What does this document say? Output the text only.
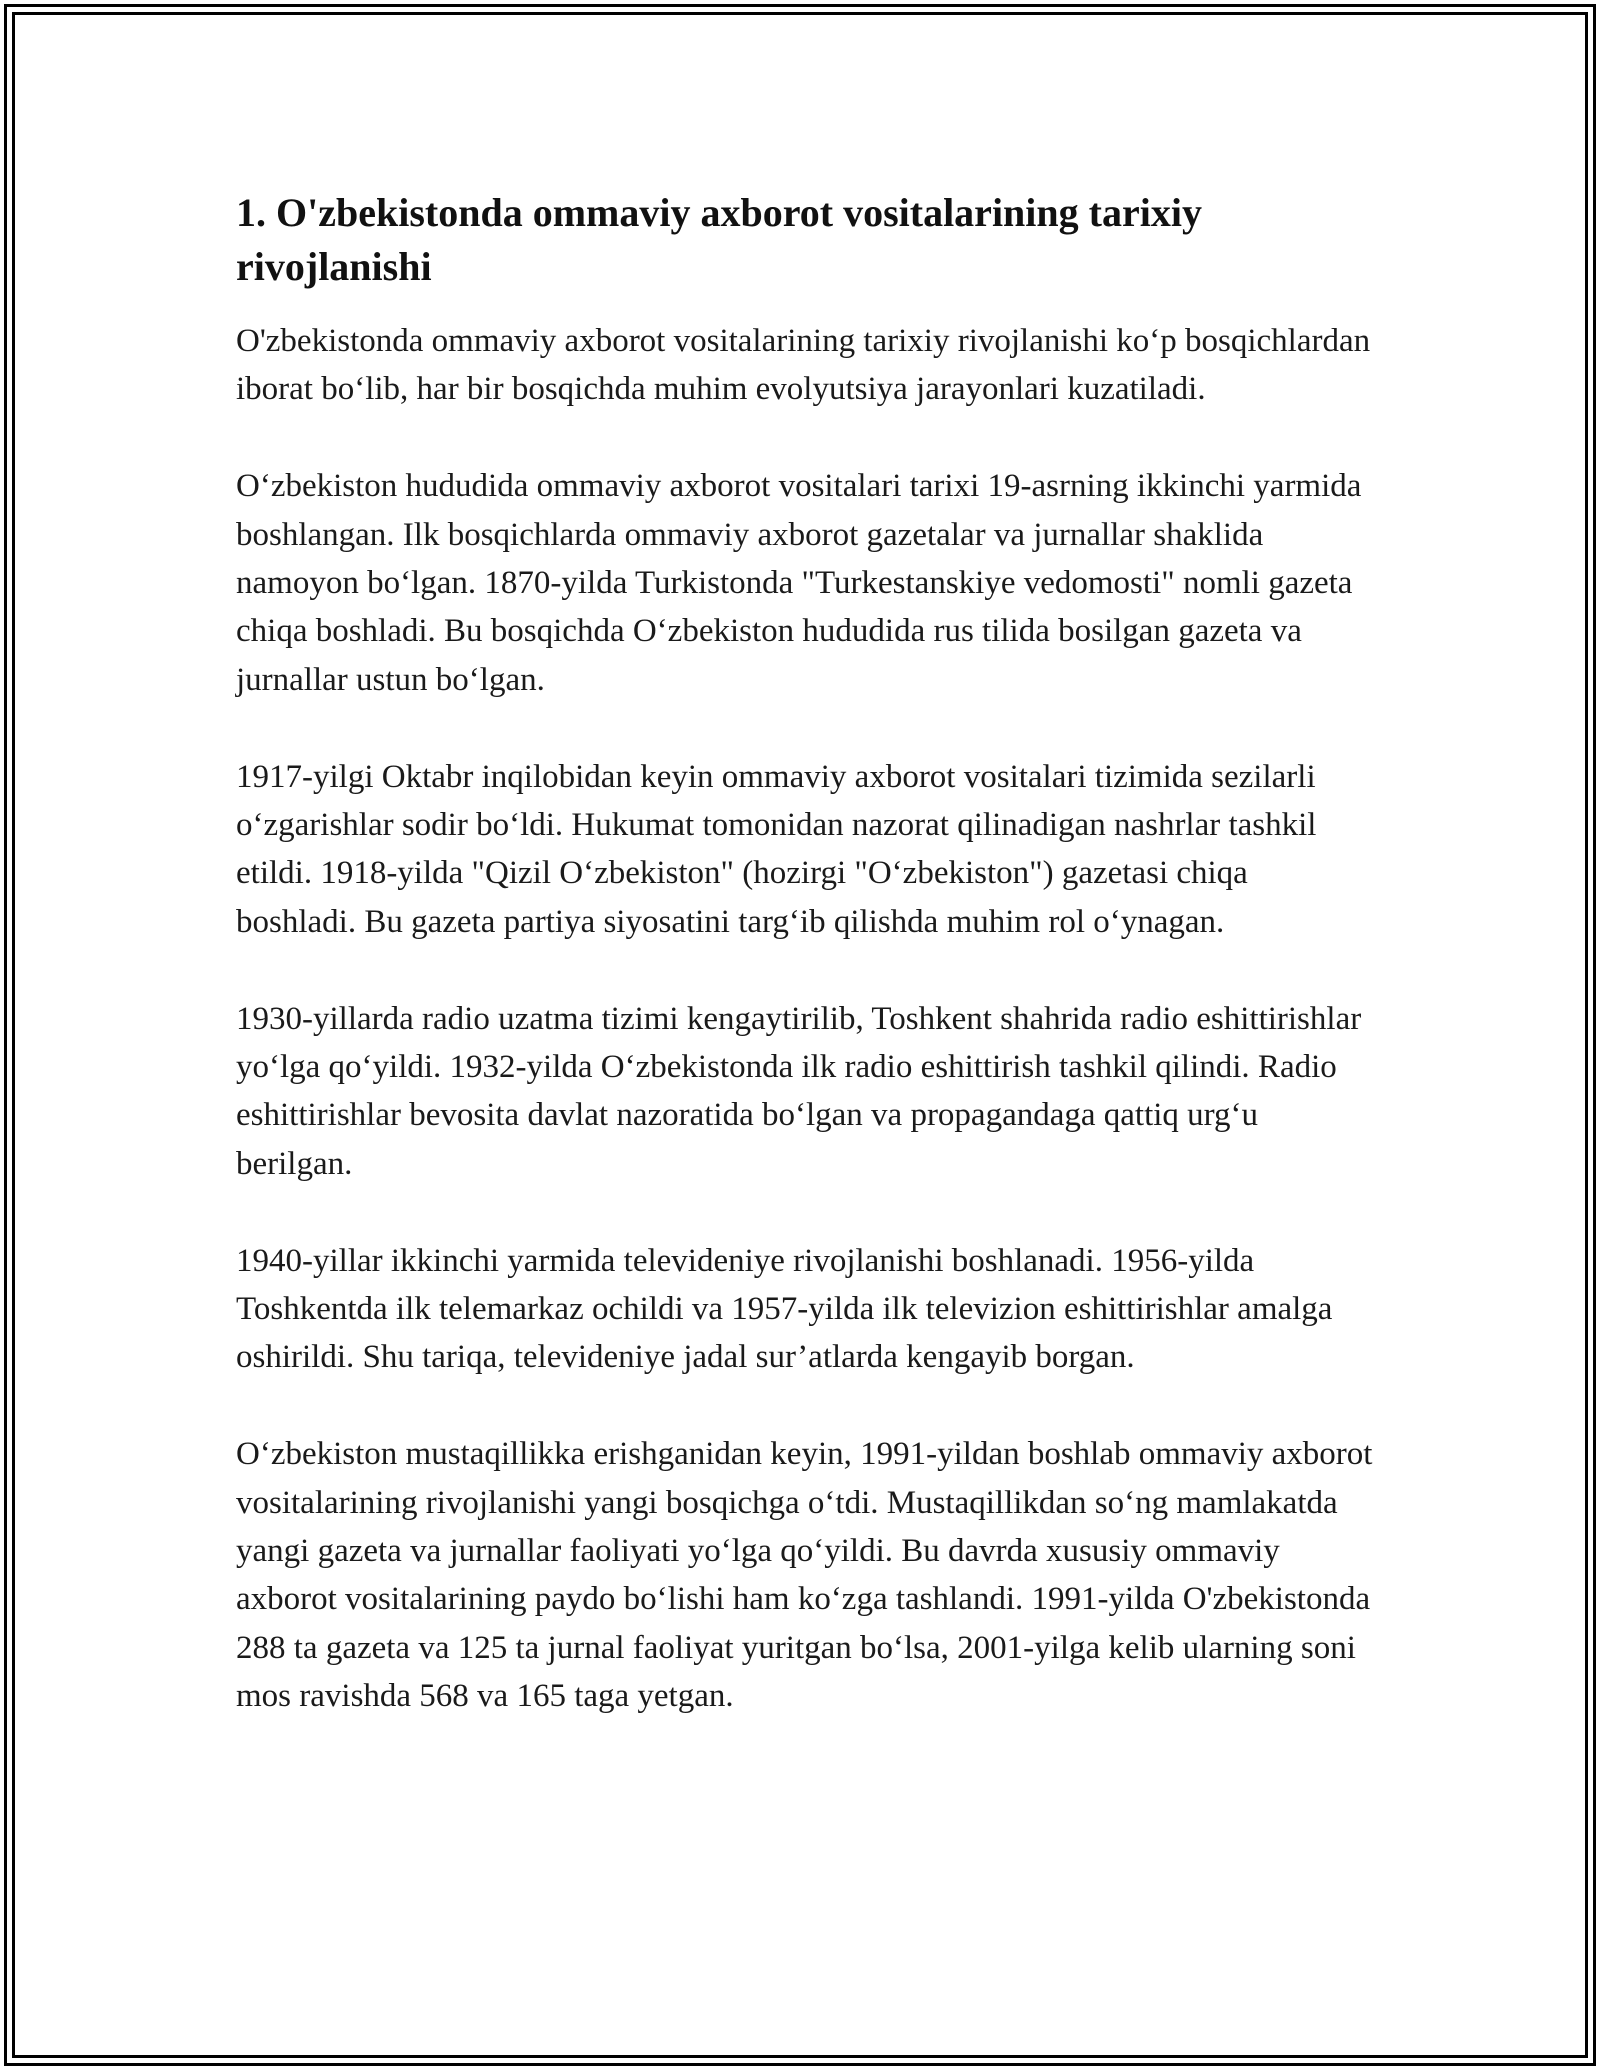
1. O'zbekistonda ommaviy axborot vositalarining tarixiy rivojlanishi

O'zbekistonda ommaviy axborot vositalarining tarixiy rivojlanishi ko‘p bosqichlardan iborat bo‘lib, har bir bosqichda muhim evolyutsiya jarayonlari kuzatiladi.

O‘zbekiston hududida ommaviy axborot vositalari tarixi 19-asrning ikkinchi yarmida boshlangan. Ilk bosqichlarda ommaviy axborot gazetalar va jurnallar shaklida namoyon bo‘lgan. 1870-yilda Turkistonda "Turkestanskiye vedomosti" nomli gazeta chiqa boshladi. Bu bosqichda O‘zbekiston hududida rus tilida bosilgan gazeta va jurnallar ustun bo‘lgan.

1917-yilgi Oktabr inqilobidan keyin ommaviy axborot vositalari tizimida sezilarli o‘zgarishlar sodir bo‘ldi. Hukumat tomonidan nazorat qilinadigan nashrlar tashkil etildi. 1918-yilda "Qizil O‘zbekiston" (hozirgi "O‘zbekiston") gazetasi chiqa boshladi. Bu gazeta partiya siyosatini targ‘ib qilishda muhim rol o‘ynagan.

1930-yillarda radio uzatma tizimi kengaytirilib, Toshkent shahrida radio eshittirishlar yo‘lga qo‘yildi. 1932-yilda O‘zbekistonda ilk radio eshittirish tashkil qilindi. Radio eshittirishlar bevosita davlat nazoratida bo‘lgan va propagandaga qattiq urg‘u berilgan.

1940-yillar ikkinchi yarmida televideniye rivojlanishi boshlanadi. 1956-yilda Toshkentda ilk telemarkaz ochildi va 1957-yilda ilk televizion eshittirishlar amalga oshirildi. Shu tariqa, televideniye jadal sur’atlarda kengayib borgan.

O‘zbekiston mustaqillikka erishganidan keyin, 1991-yildan boshlab ommaviy axborot vositalarining rivojlanishi yangi bosqichga o‘tdi. Mustaqillikdan so‘ng mamlakatda yangi gazeta va jurnallar faoliyati yo‘lga qo‘yildi. Bu davrda xususiy ommaviy axborot vositalarining paydo bo‘lishi ham ko‘zga tashlandi. 1991-yilda O'zbekistonda 288 ta gazeta va 125 ta jurnal faoliyat yuritgan bo‘lsa, 2001-yilga kelib ularning soni mos ravishda 568 va 165 taga yetgan.
